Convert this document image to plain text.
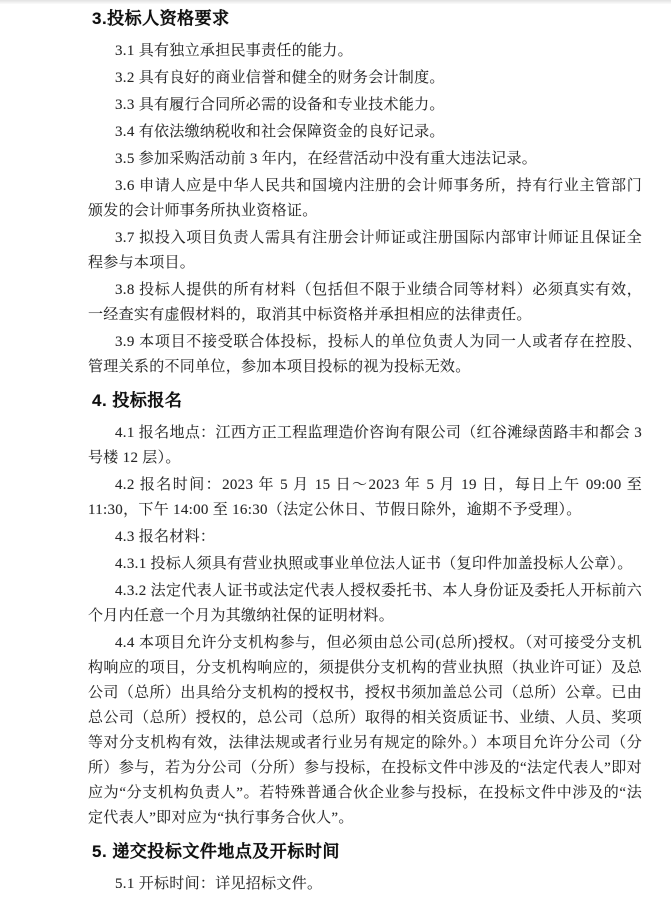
3.投标人资格要求

3.1 具有独立承担民事责任的能力。

3.2 具有良好的商业信誉和健全的财务会计制度。

3.3 具有履行合同所必需的设备和专业技术能力。

3.4 有依法缴纳税收和社会保障资金的良好记录。

3.5 参加采购活动前 3 年内，在经营活动中没有重大违法记录。

3.6 申请人应是中华人民共和国境内注册的会计师事务所，持有行业主管部门颁发的会计师事务所执业资格证。

3.7 拟投入项目负责人需具有注册会计师证或注册国际内部审计师证且保证全程参与本项目。

3.8 投标人提供的所有材料（包括但不限于业绩合同等材料）必须真实有效，一经查实有虚假材料的，取消其中标资格并承担相应的法律责任。

3.9 本项目不接受联合体投标，投标人的单位负责人为同一人或者存在控股、管理关系的不同单位，参加本项目投标的视为投标无效。

4. 投标报名

4.1 报名地点：江西方正工程监理造价咨询有限公司（红谷滩绿茵路丰和都会 3 号楼 12 层）。

4.2 报名时间：2023 年 5 月 15 日～2023 年 5 月 19 日，每日上午 09:00 至 11:30，下午 14:00 至 16:30（法定公休日、节假日除外，逾期不予受理）。

4.3 报名材料：

4.3.1 投标人须具有营业执照或事业单位法人证书（复印件加盖投标人公章）。

4.3.2 法定代表人证书或法定代表人授权委托书、本人身份证及委托人开标前六个月内任意一个月为其缴纳社保的证明材料。

4.4 本项目允许分支机构参与，但必须由总公司(总所)授权。（对可接受分支机构响应的项目，分支机构响应的，须提供分支机构的营业执照（执业许可证）及总公司（总所）出具给分支机构的授权书，授权书须加盖总公司（总所）公章。已由总公司（总所）授权的，总公司（总所）取得的相关资质证书、业绩、人员、奖项等对分支机构有效，法律法规或者行业另有规定的除外。）本项目允许分公司（分所）参与，若为分公司（分所）参与投标，在投标文件中涉及的“法定代表人”即对应为“分支机构负责人”。若特殊普通合伙企业参与投标，在投标文件中涉及的“法定代表人”即对应为“执行事务合伙人”。

5. 递交投标文件地点及开标时间

5.1 开标时间：详见招标文件。
